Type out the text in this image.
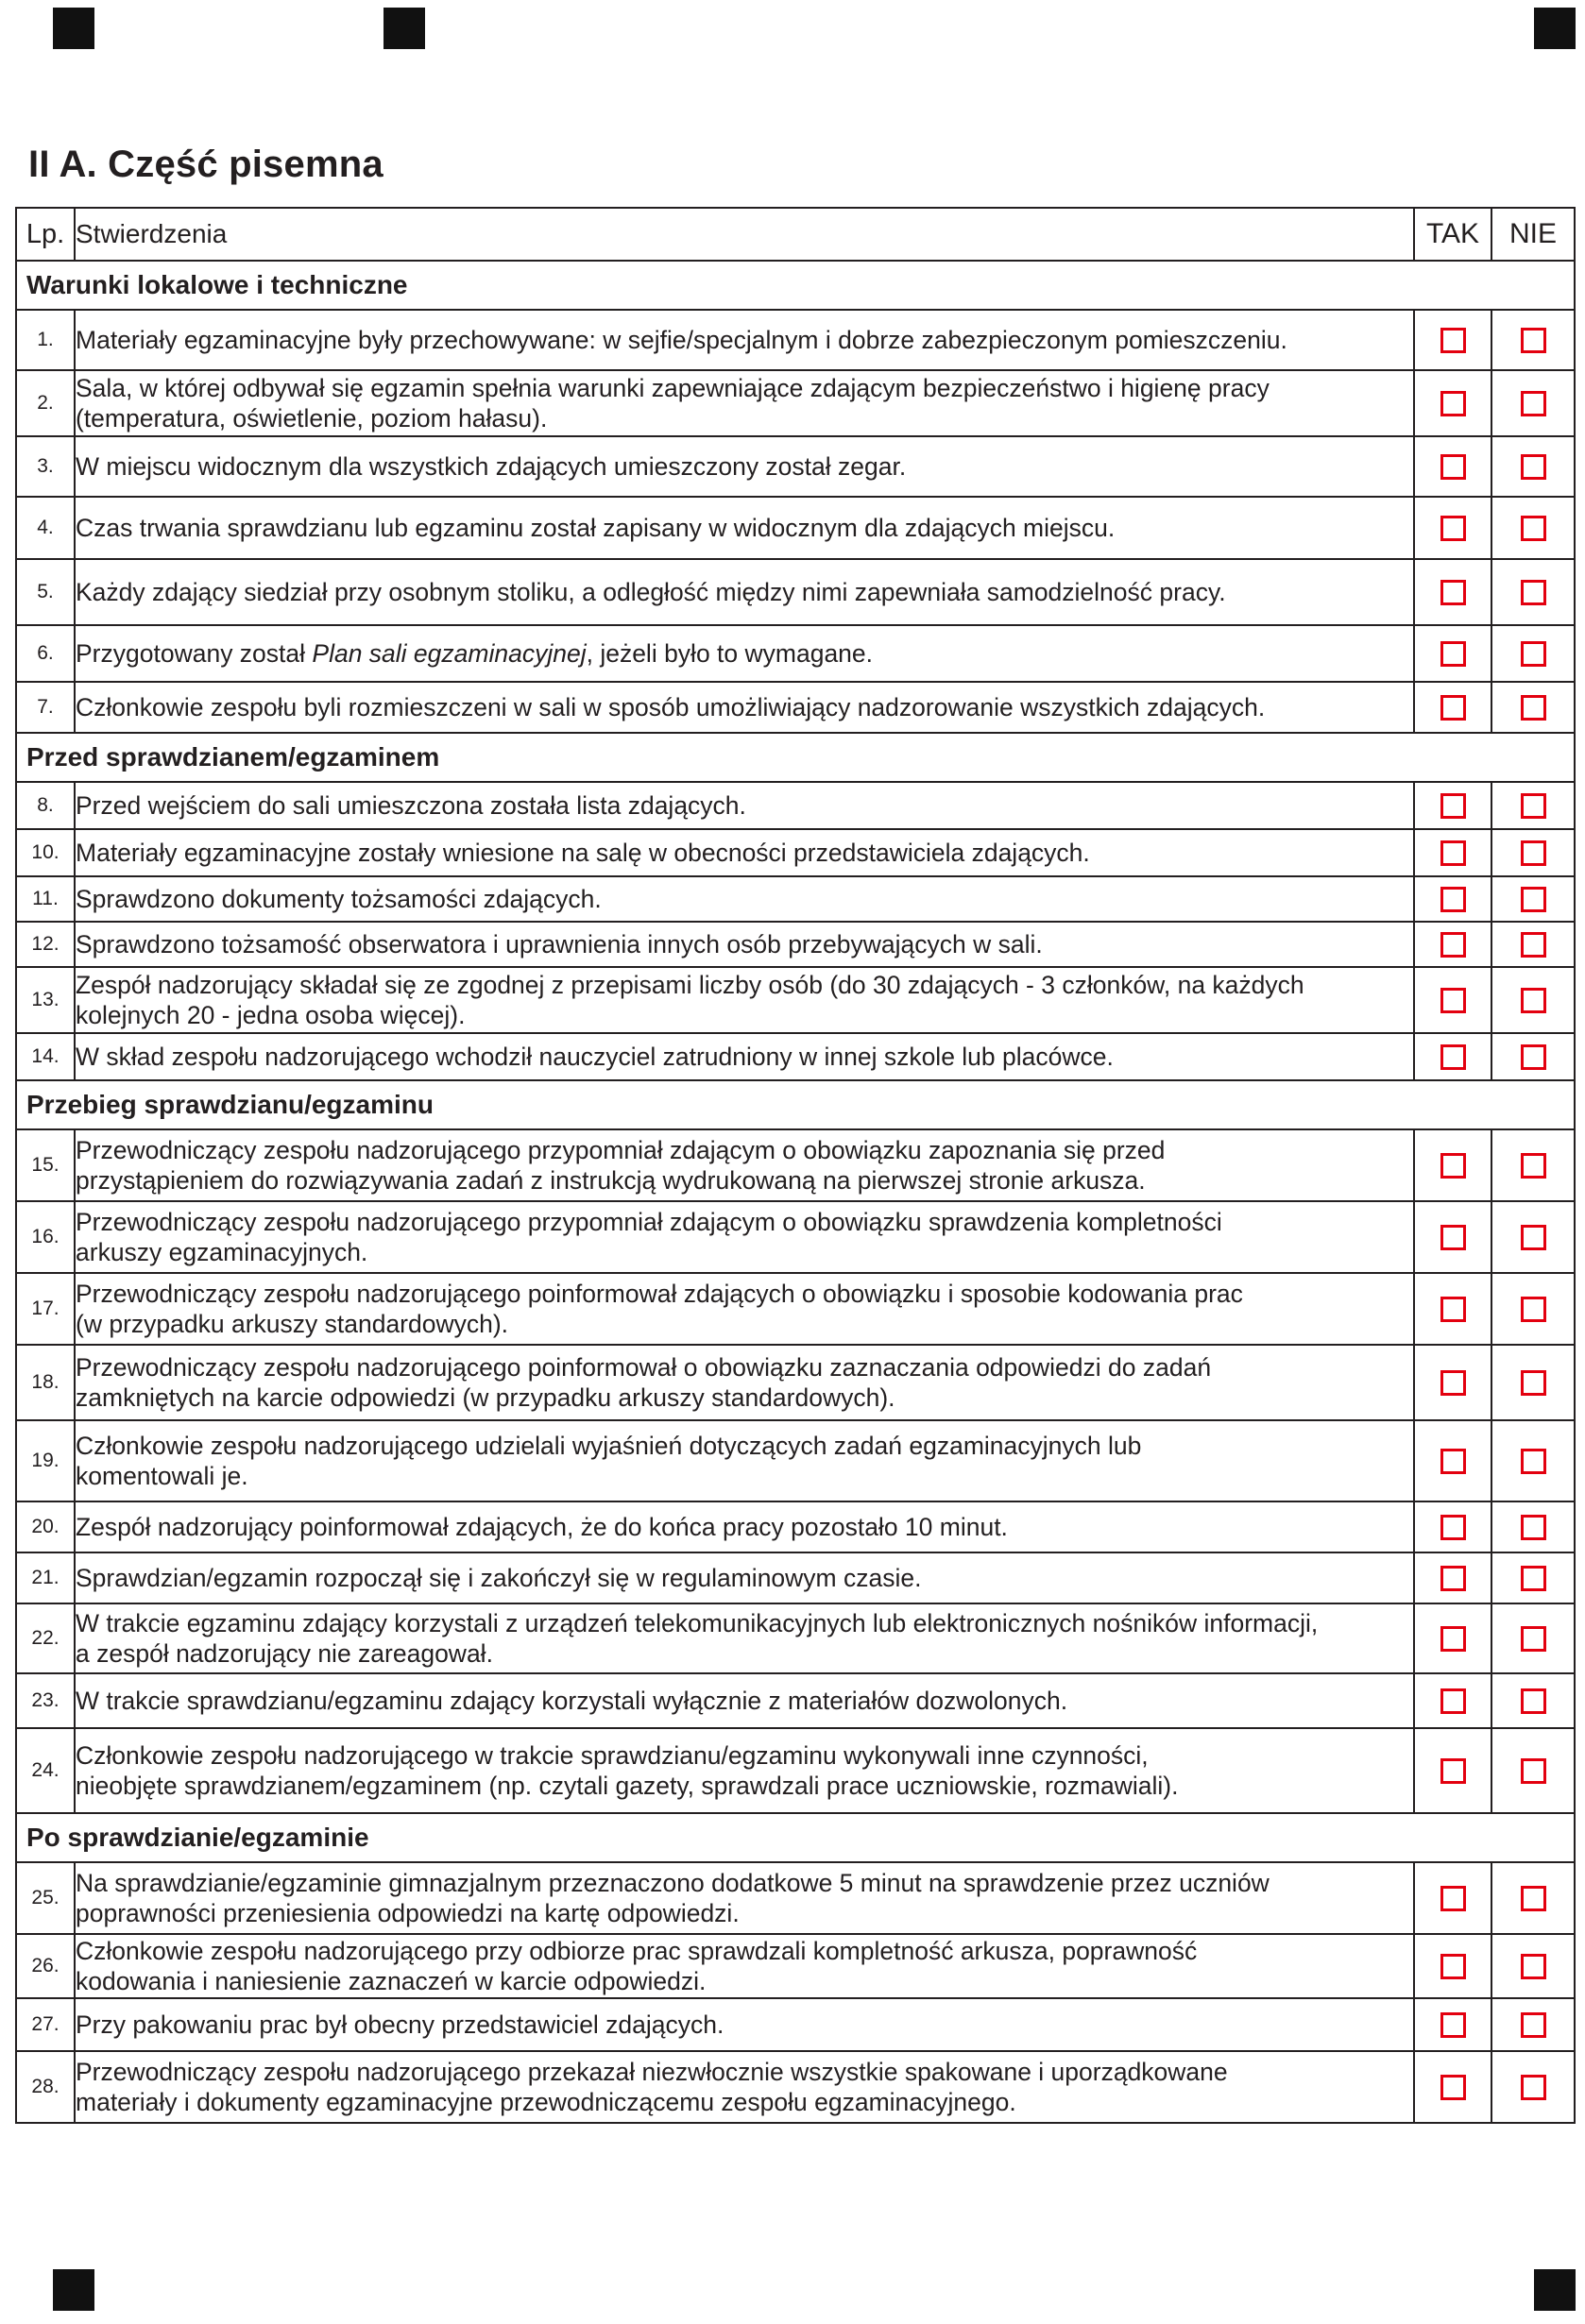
II A. Część pisemna
Lp.	Stwierdzenia	TAK	NIE
Warunki lokalowe i techniczne			
1.	Materiały egzaminacyjne były przechowywane: w sejfie/specjalnym i dobrze zabezpieczonym pomieszczeniu.		
2.	Sala, w której odbywał się egzamin spełnia warunki zapewniające zdającym bezpieczeństwo i higienę pracy
(temperatura, oświetlenie, poziom hałasu).		
3.	W miejscu widocznym dla wszystkich zdających umieszczony został zegar.		
4.	Czas trwania sprawdzianu lub egzaminu został zapisany w widocznym dla zdających miejscu.		
5.	Każdy zdający siedział przy osobnym stoliku, a odległość między nimi zapewniała samodzielność pracy.		
6.	Przygotowany został Plan sali egzaminacyjnej, jeżeli było to wymagane.		
7.	Członkowie zespołu byli rozmieszczeni w sali w sposób umożliwiający nadzorowanie wszystkich zdających.		
Przed sprawdzianem/egzaminem			
8.	Przed wejściem do sali umieszczona została lista zdających.		
10.	Materiały egzaminacyjne zostały wniesione na salę w obecności przedstawiciela zdających.		
11.	Sprawdzono dokumenty tożsamości zdających.		
12.	Sprawdzono tożsamość obserwatora i uprawnienia innych osób przebywających w sali.		
13.	Zespół nadzorujący składał się ze zgodnej z przepisami liczby osób (do 30 zdających - 3 członków, na każdych
kolejnych 20 - jedna osoba więcej).		
14.	W skład zespołu nadzorującego wchodził nauczyciel zatrudniony w innej szkole lub placówce.		
Przebieg sprawdzianu/egzaminu			
15.	Przewodniczący zespołu nadzorującego przypomniał zdającym o obowiązku zapoznania się przed
przystąpieniem do rozwiązywania zadań z instrukcją wydrukowaną na pierwszej stronie arkusza.		
16.	Przewodniczący zespołu nadzorującego przypomniał zdającym o obowiązku sprawdzenia kompletności
arkuszy egzaminacyjnych.		
17.	Przewodniczący zespołu nadzorującego poinformował zdających o obowiązku i sposobie kodowania prac
(w przypadku arkuszy standardowych).		
18.	Przewodniczący zespołu nadzorującego poinformował o obowiązku zaznaczania odpowiedzi do zadań
zamkniętych na karcie odpowiedzi (w przypadku arkuszy standardowych).		
19.	Członkowie zespołu nadzorującego udzielali wyjaśnień dotyczących zadań egzaminacyjnych lub
komentowali je.		
20.	Zespół nadzorujący poinformował zdających, że do końca pracy pozostało 10 minut.		
21.	Sprawdzian/egzamin rozpoczął się i zakończył się w regulaminowym czasie.		
22.	W trakcie egzaminu zdający korzystali z urządzeń telekomunikacyjnych lub elektronicznych nośników informacji,
a zespół nadzorujący nie zareagował.		
23.	W trakcie sprawdzianu/egzaminu zdający korzystali wyłącznie z materiałów dozwolonych.		
24.	Członkowie zespołu nadzorującego w trakcie sprawdzianu/egzaminu wykonywali inne czynności,
nieobjęte sprawdzianem/egzaminem (np. czytali gazety, sprawdzali prace uczniowskie, rozmawiali).		
Po sprawdzianie/egzaminie			
25.	Na sprawdzianie/egzaminie gimnazjalnym przeznaczono dodatkowe 5 minut na sprawdzenie przez uczniów
poprawności przeniesienia odpowiedzi na kartę odpowiedzi.		
26.	Członkowie zespołu nadzorującego przy odbiorze prac sprawdzali kompletność arkusza, poprawność
kodowania i naniesienie zaznaczeń w karcie odpowiedzi.		
27.	Przy pakowaniu prac był obecny przedstawiciel zdających.		
28.	Przewodniczący zespołu nadzorującego przekazał niezwłocznie wszystkie spakowane i uporządkowane
materiały i dokumenty egzaminacyjne przewodniczącemu zespołu egzaminacyjnego.		
